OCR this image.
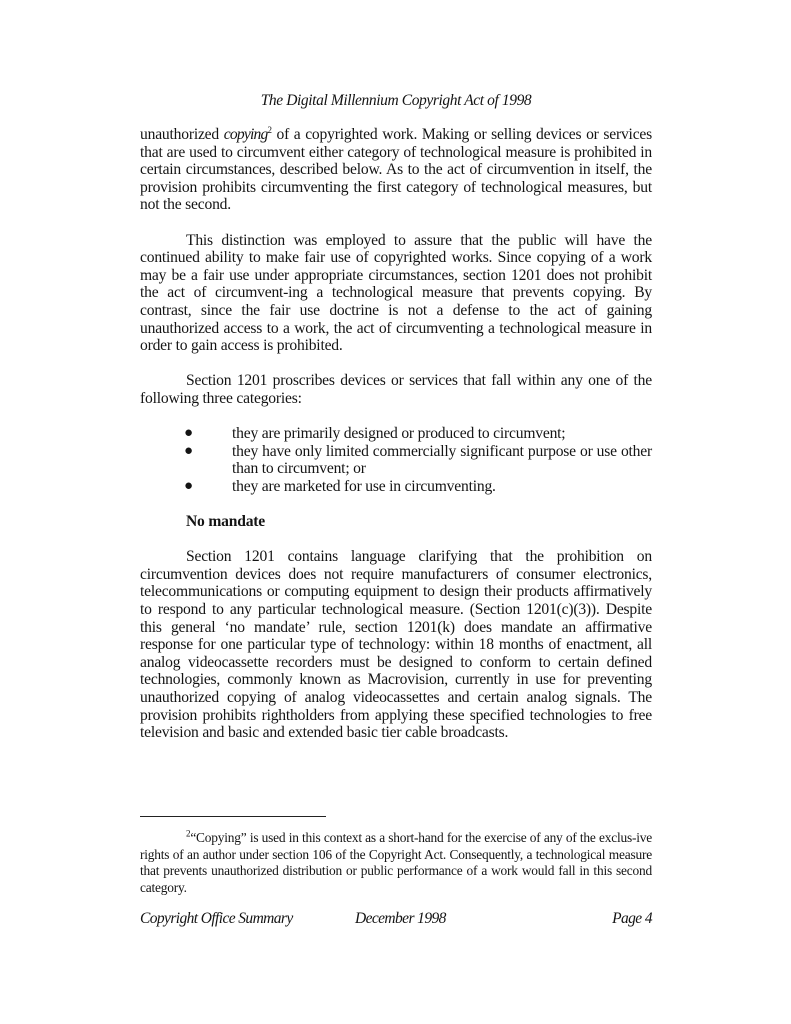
The Digital Millennium Copyright Act of 1998

unauthorized copying$^2$ of a copyrighted work. Making or selling devices or services that are used to circumvent either category of technological measure is prohibited in certain circumstances, described below. As to the act of circumvention in itself, the provision prohibits circumventing the first category of technological measures, but not the second.

This distinction was employed to assure that the public will have the continued ability to make fair use of copyrighted works. Since copying of a work may be a fair use under appropriate circumstances, section 1201 does not prohibit the act of circumvent-ing a technological measure that prevents copying. By contrast, since the fair use doctrine is not a defense to the act of gaining unauthorized access to a work, the act of circumventing a technological measure in order to gain access is prohibited.

Section 1201 proscribes devices or services that fall within any one of the following three categories:

●	they are primarily designed or produced to circumvent;
●	they have only limited commercially significant purpose or use other than to circumvent; or
●	they are marketed for use in circumventing.
No mandate

Section 1201 contains language clarifying that the prohibition on circumvention devices does not require manufacturers of consumer electronics, telecommunications or computing equipment to design their products affirmatively to respond to any particular technological measure. (Section 1201(c)(3)). Despite this general ‘no mandate’ rule, section 1201(k) does mandate an affirmative response for one particular type of technology: within 18 months of enactment, all analog videocassette recorders must be designed to conform to certain defined technologies, commonly known as Macrovision, currently in use for preventing unauthorized copying of analog videocassettes and certain analog signals. The provision prohibits rightholders from applying these specified technologies to free television and basic and extended basic tier cable broadcasts.

$^2$“Copying” is used in this context as a short-hand for the exercise of any of the exclus-ive rights of an author under section 106 of the Copyright Act. Consequently, a technological measure that prevents unauthorized distribution or public performance of a work would fall in this second category.

Copyright Office Summary	December 1998	Page 4
